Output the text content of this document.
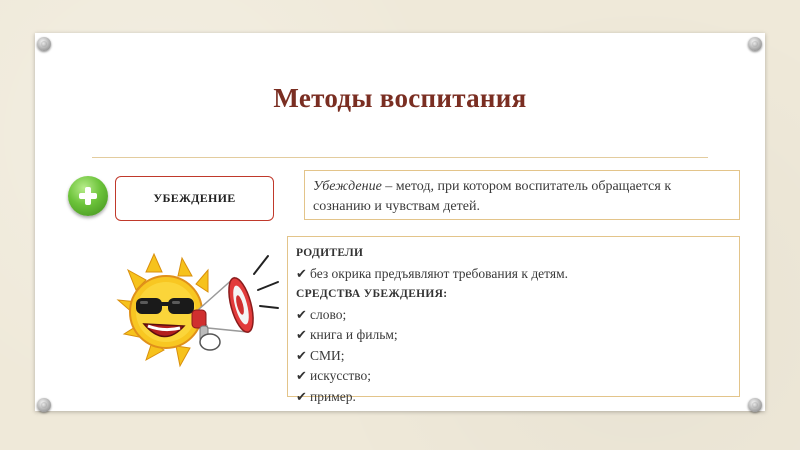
Методы воспитания
УБЕЖДЕНИЕ
Убеждение – метод, при котором воспитатель обращается к сознанию и чувствам детей.
РОДИТЕЛИ
✔ без окрика предъявляют требования к детям.
СРЕДСТВА УБЕЖДЕНИЯ:
✔ слово;
✔ книга и фильм;
✔ СМИ;
✔ искусство;
✔ пример.
